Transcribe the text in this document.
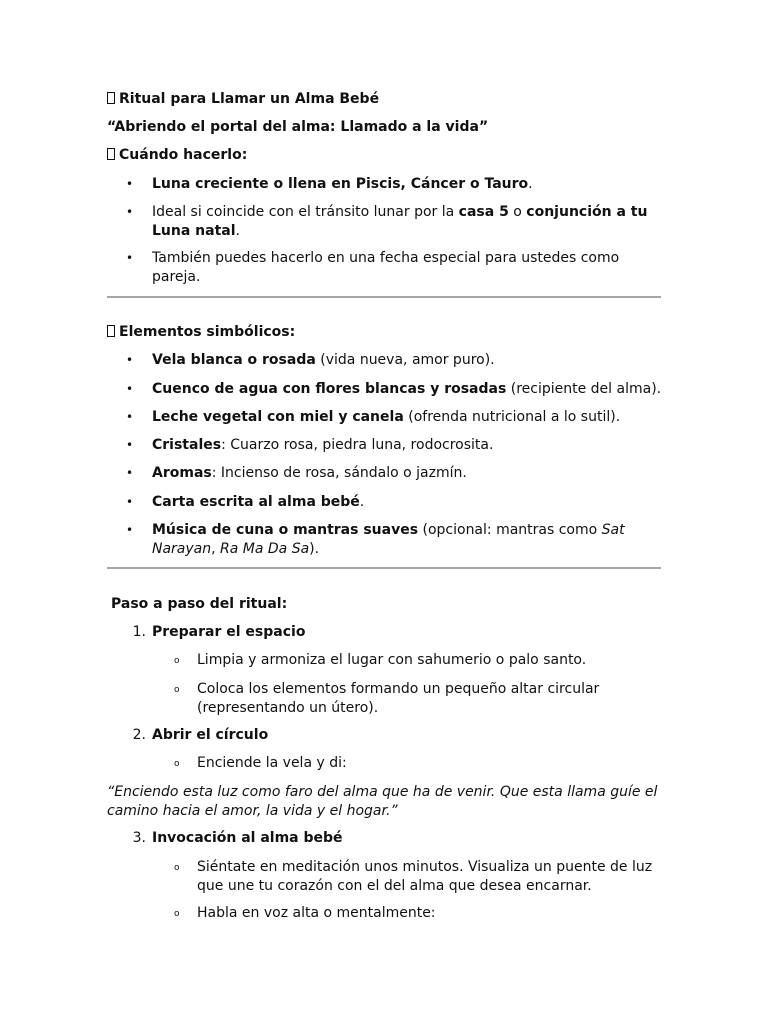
Ritual para Llamar un Alma Bebé
“Abriendo el portal del alma: Llamado a la vida”
Cuándo hacerlo:
• Luna creciente o llena en Piscis, Cáncer o Tauro.
• Ideal si coincide con el tránsito lunar por la casa 5 o conjunción a tu Luna natal.
• También puedes hacerlo en una fecha especial para ustedes como pareja.
Elementos simbólicos:
• Vela blanca o rosada (vida nueva, amor puro).
• Cuenco de agua con flores blancas y rosadas (recipiente del alma).
• Leche vegetal con miel y canela (ofrenda nutricional a lo sutil).
• Cristales: Cuarzo rosa, piedra luna, rodocrosita.
• Aromas: Incienso de rosa, sándalo o jazmín.
• Carta escrita al alma bebé.
• Música de cuna o mantras suaves (opcional: mantras como Sat Narayan, Ra Ma Da Sa).
Paso a paso del ritual:
1. Preparar el espacio
o Limpia y armoniza el lugar con sahumerio o palo santo.
o Coloca los elementos formando un pequeño altar circular (representando un útero).
2. Abrir el círculo
o Enciende la vela y di:
“Enciendo esta luz como faro del alma que ha de venir. Que esta llama guíe el camino hacia el amor, la vida y el hogar.”
3. Invocación al alma bebé
o Siéntate en meditación unos minutos. Visualiza un puente de luz que une tu corazón con el del alma que desea encarnar.
o Habla en voz alta o mentalmente:
